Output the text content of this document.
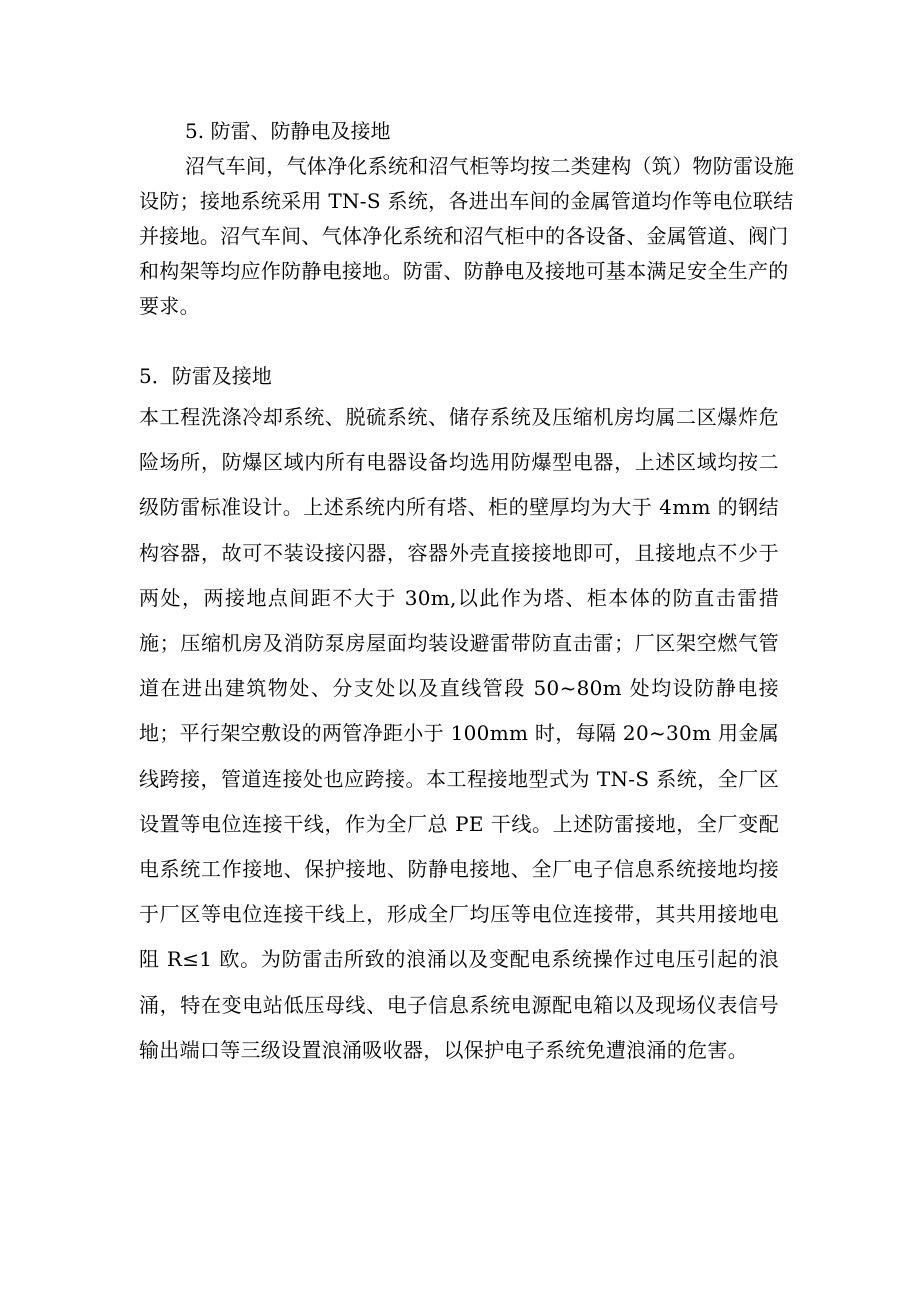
5. 防雷、防静电及接地

沼气车间，气体净化系统和沼气柜等均按二类建构（筑）物防雷设施设防；接地系统采用 TN-S 系统，各进出车间的金属管道均作等电位联结并接地。沼气车间、气体净化系统和沼气柜中的各设备、金属管道、阀门和构架等均应作防静电接地。防雷、防静电及接地可基本满足安全生产的要求。

5．防雷及接地

本工程洗涤冷却系统、脱硫系统、储存系统及压缩机房均属二区爆炸危险场所，防爆区域内所有电器设备均选用防爆型电器，上述区域均按二级防雷标准设计。上述系统内所有塔、柜的壁厚均为大于 4mm 的钢结构容器，故可不装设接闪器，容器外壳直接接地即可，且接地点不少于两处，两接地点间距不大于 30m,以此作为塔、柜本体的防直击雷措施；压缩机房及消防泵房屋面均装设避雷带防直击雷；厂区架空燃气管道在进出建筑物处、分支处以及直线管段 50~80m 处均设防静电接地；平行架空敷设的两管净距小于 100mm 时，每隔 20~30m 用金属线跨接，管道连接处也应跨接。本工程接地型式为 TN-S 系统，全厂区设置等电位连接干线，作为全厂总 PE 干线。上述防雷接地，全厂变配电系统工作接地、保护接地、防静电接地、全厂电子信息系统接地均接于厂区等电位连接干线上，形成全厂均压等电位连接带，其共用接地电阻 R≤1 欧。为防雷击所致的浪涌以及变配电系统操作过电压引起的浪涌，特在变电站低压母线、电子信息系统电源配电箱以及现场仪表信号输出端口等三级设置浪涌吸收器，以保护电子系统免遭浪涌的危害。
